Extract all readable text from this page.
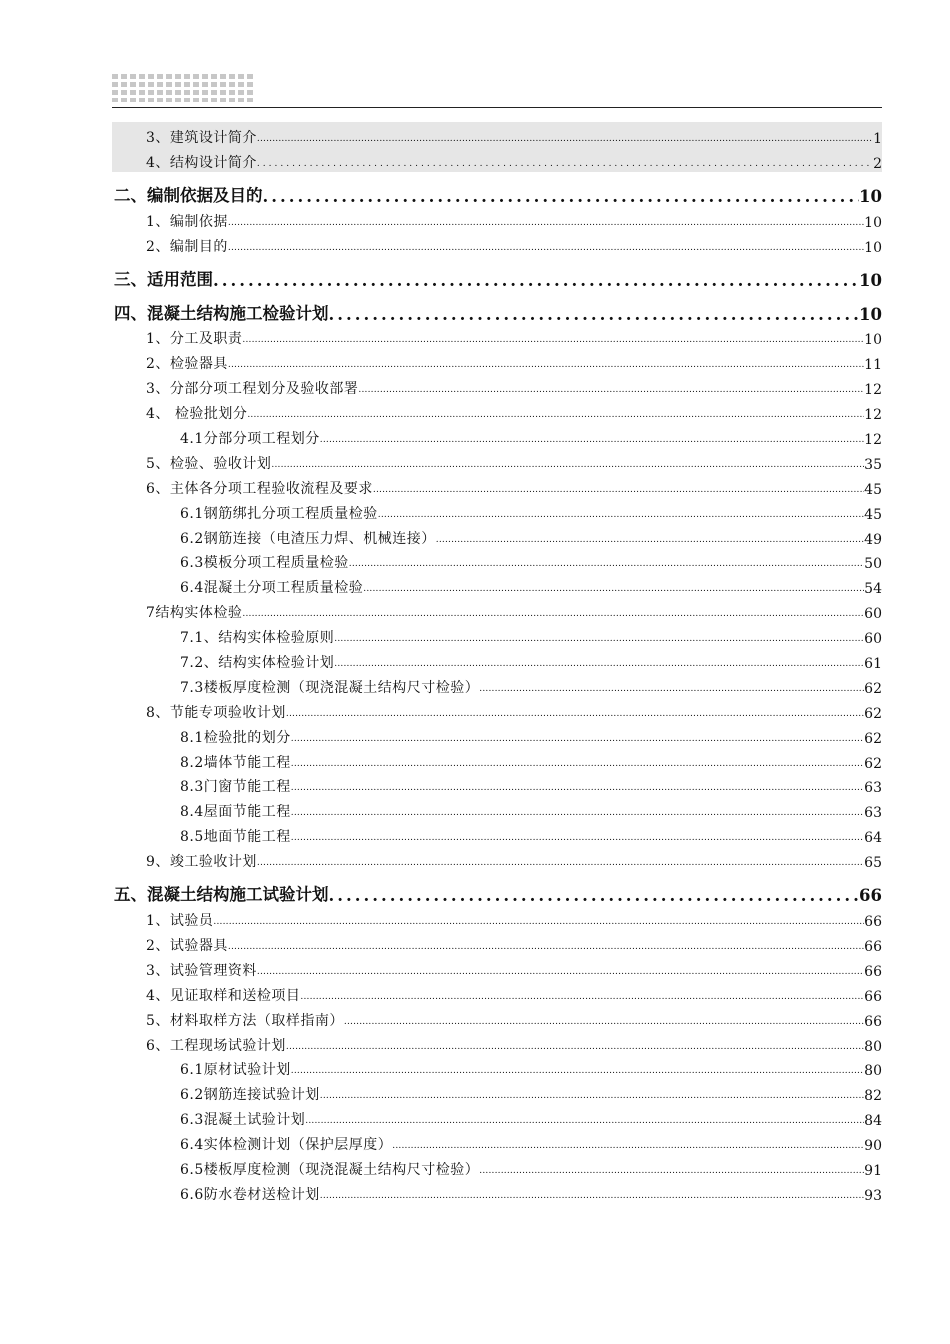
3、建筑设计简介 .....	1
4、结构设计简介 .....	2
二、编制依据及目的 .....	10
1、编制依据 .....	10
2、编制目的 .....	10
三、适用范围 .....	10
四、混凝土结构施工检验计划 .....	10
1、分工及职责 .....	10
2、检验器具 .....	11
3、分部分项工程划分及验收部署 .....	12
4、 检验批划分 .....	12
4.1分部分项工程划分 .....	12
5、检验、验收计划 .....	35
6、主体各分项工程验收流程及要求 .....	45
6.1钢筋绑扎分项工程质量检验 .....	45
6.2钢筋连接（电渣压力焊、机械连接） .....	49
6.3模板分项工程质量检验 .....	50
6.4混凝土分项工程质量检验 .....	54
7结构实体检验 .....	60
7.1、结构实体检验原则 .....	60
7.2、结构实体检验计划 .....	61
7.3楼板厚度检测（现浇混凝土结构尺寸检验） .....	62
8、节能专项验收计划 .....	62
8.1检验批的划分 .....	62
8.2墙体节能工程 .....	62
8.3门窗节能工程 .....	63
8.4屋面节能工程 .....	63
8.5地面节能工程 .....	64
9、竣工验收计划 .....	65
五、混凝土结构施工试验计划 .....	66
1、试验员 .....	66
2、试验器具 .....	66
3、试验管理资料 .....	66
4、见证取样和送检项目 .....	66
5、材料取样方法（取样指南） .....	66
6、工程现场试验计划 .....	80
6.1原材试验计划 .....	80
6.2钢筋连接试验计划 .....	82
6.3混凝土试验计划 .....	84
6.4实体检测计划（保护层厚度） .....	90
6.5楼板厚度检测（现浇混凝土结构尺寸检验） .....	91
6.6防水卷材送检计划 .....	93
